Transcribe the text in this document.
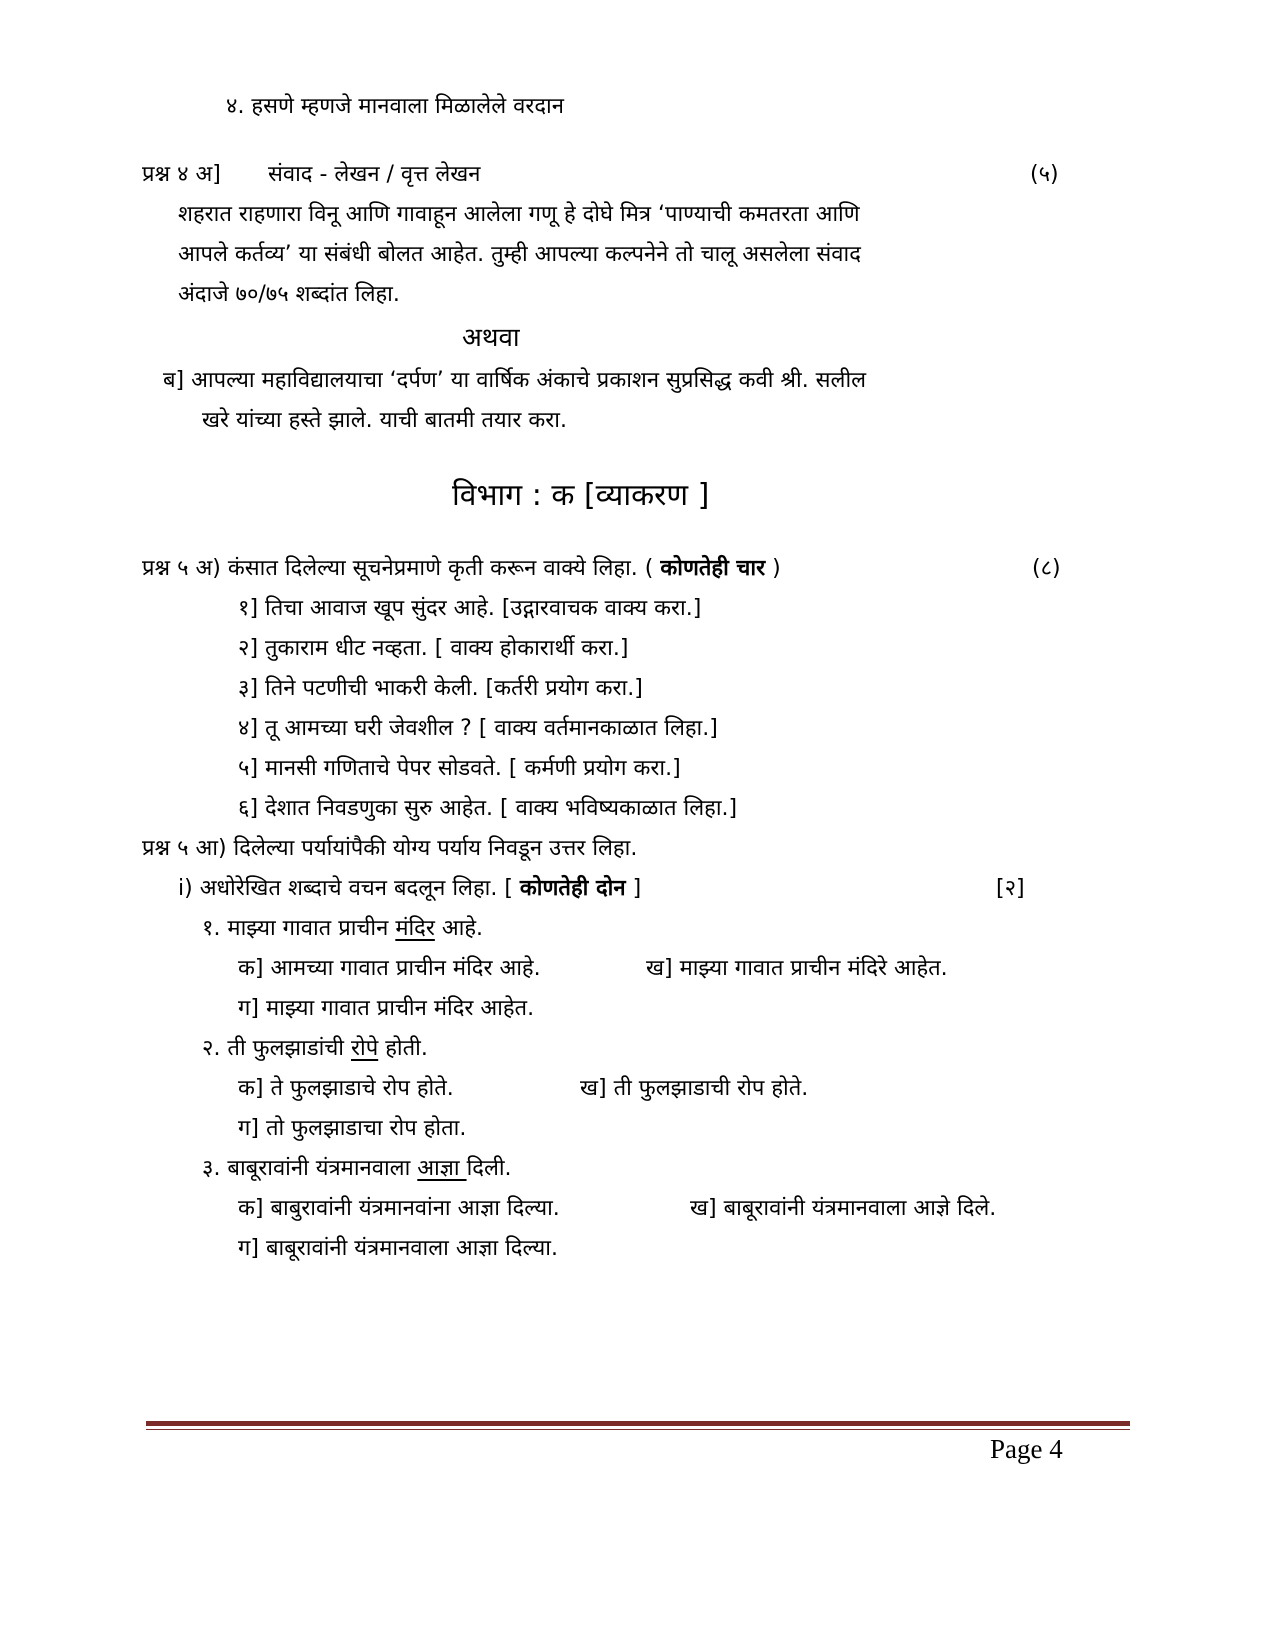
४. हसणे म्हणजे मानवाला मिळालेले वरदान
प्रश्न ४ अ] संवाद - लेखन / वृत्त लेखन	(५)
शहरात राहणारा विनू आणि गावाहून आलेला गणू हे दोघे मित्र ‘पाण्याची कमतरता आणि
आपले कर्तव्य’ या संबंधी बोलत आहेत. तुम्ही आपल्या कल्पनेने तो चालू असलेला संवाद
अंदाजे ७०/७५ शब्दांत लिहा.
अथवा
ब] आपल्या महाविद्यालयाचा ‘दर्पण’ या वार्षिक अंकाचे प्रकाशन सुप्रसिद्ध कवी श्री. सलील
खरे यांच्या हस्ते झाले. याची बातमी तयार करा.
विभाग : क [व्याकरण ]
प्रश्न ५ अ) कंसात दिलेल्या सूचनेप्रमाणे कृती करून वाक्ये लिहा. ( कोणतेही चार )	(८)
१] तिचा आवाज खूप सुंदर आहे. [उद्गारवाचक वाक्य करा.]
२] तुकाराम धीट नव्हता. [ वाक्य होकारार्थी करा.]
३] तिने पटणीची भाकरी केली. [कर्तरी प्रयोग करा.]
४] तू आमच्या घरी जेवशील ? [ वाक्य वर्तमानकाळात लिहा.]
५] मानसी गणिताचे पेपर सोडवते. [ कर्मणी प्रयोग करा.]
६] देशात निवडणुका सुरु आहेत. [ वाक्य भविष्यकाळात लिहा.]
प्रश्न ५ आ) दिलेल्या पर्यायांपैकी योग्य पर्याय निवडून उत्तर लिहा.
i) अधोरेखित शब्दाचे वचन बदलून लिहा. [ कोणतेही दोन ]	[२]
१. माझ्या गावात प्राचीन मंदिर आहे.
क] आमच्या गावात प्राचीन मंदिर आहे.	ख] माझ्या गावात प्राचीन मंदिरे आहेत.
ग] माझ्या गावात प्राचीन मंदिर आहेत.
२. ती फुलझाडांची रोपे होती.
क] ते फुलझाडाचे रोप होते.	ख] ती फुलझाडाची रोप होते.
ग] तो फुलझाडाचा रोप होता.
३. बाबूरावांनी यंत्रमानवाला आज्ञा दिली.
क] बाबुरावांनी यंत्रमानवांना आज्ञा दिल्या.	ख] बाबूरावांनी यंत्रमानवाला आज्ञे दिले.
ग] बाबूरावांनी यंत्रमानवाला आज्ञा दिल्या.
Page 4
